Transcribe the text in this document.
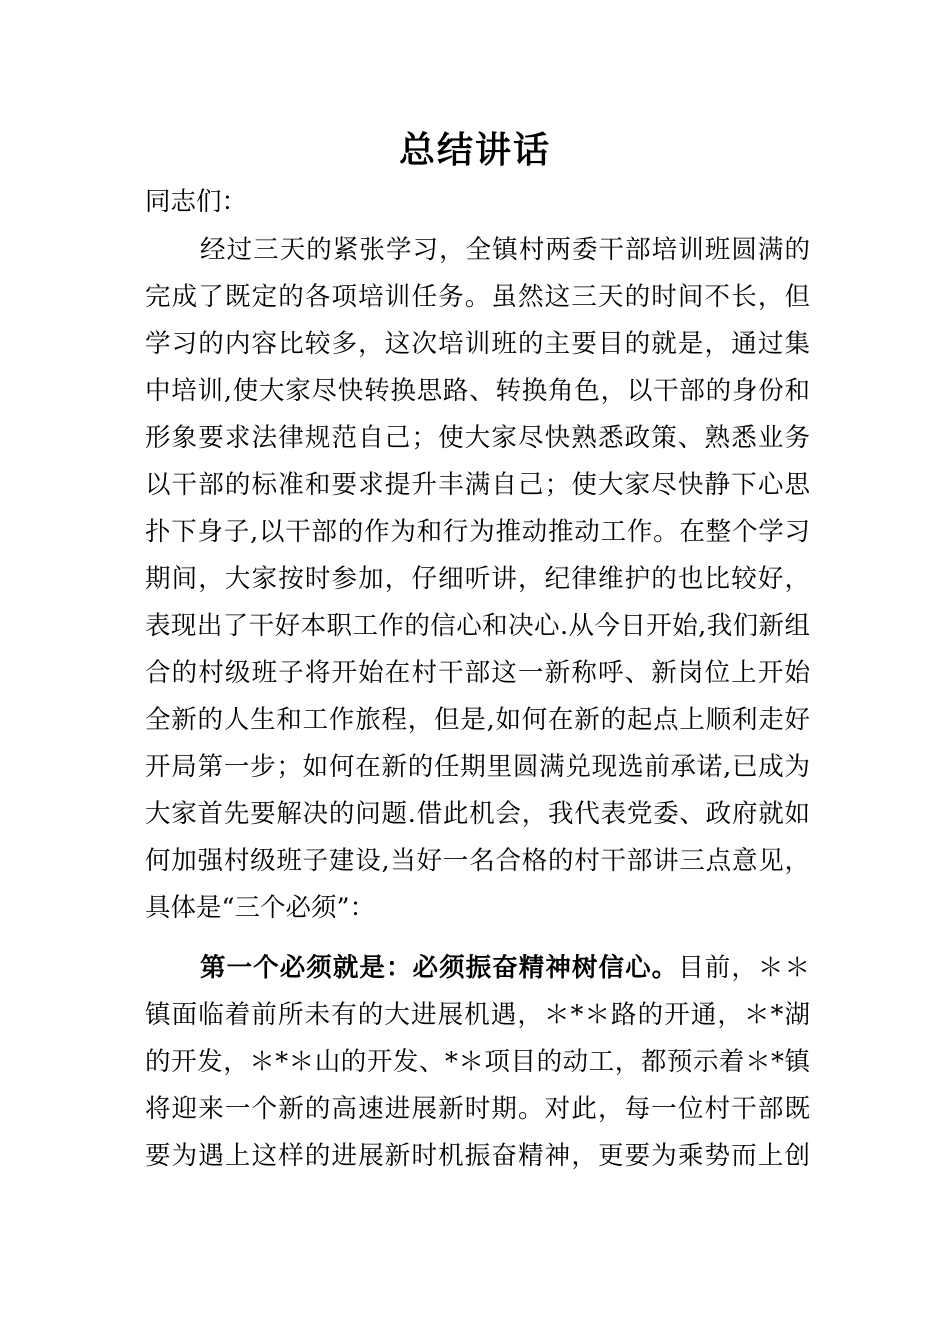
总结讲话
同志们：
经过三天的紧张学习，全镇村两委干部培训班圆满的
完成了既定的各项培训任务。虽然这三天的时间不长，但
学习的内容比较多，这次培训班的主要目的就是，通过集
中培训,使大家尽快转换思路、转换角色，以干部的身份和
形象要求法律规范自己；使大家尽快熟悉政策、熟悉业务
以干部的标准和要求提升丰满自己；使大家尽快静下心思
扑下身子,以干部的作为和行为推动推动工作。在整个学习
期间，大家按时参加，仔细听讲，纪律维护的也比较好，
表现出了干好本职工作的信心和决心.从今日开始,我们新组
合的村级班子将开始在村干部这一新称呼、新岗位上开始
全新的人生和工作旅程，但是,如何在新的起点上顺利走好
开局第一步；如何在新的任期里圆满兑现选前承诺,已成为
大家首先要解决的问题.借此机会，我代表党委、政府就如
何加强村级班子建设,当好一名合格的村干部讲三点意见，
具体是“三个必须”：
第一个必须就是：必须振奋精神树信心。目前，＊＊
镇面临着前所未有的大进展机遇，＊*＊路的开通，＊*湖
的开发，＊*＊山的开发、*＊项目的动工，都预示着＊*镇
将迎来一个新的高速进展新时期。对此，每一位村干部既
要为遇上这样的进展新时机振奋精神，更要为乘势而上创
